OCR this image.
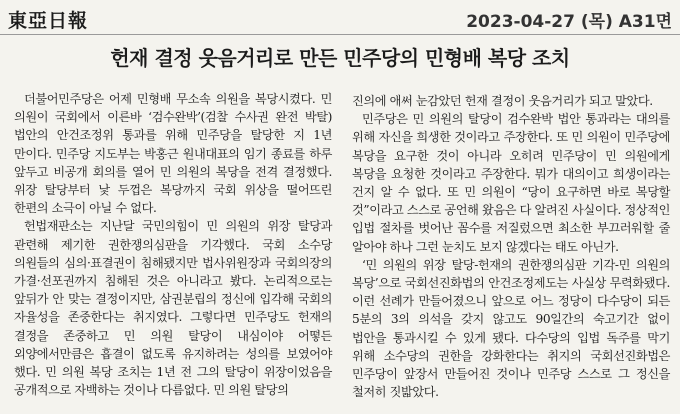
東亞日報	2023-04-27 (목) A31면
헌재 결정 웃음거리로 만든 민주당의 민형배 복당 조치

더불어민주당은 어제 민형배 무소속 의원을 복당시켰다. 민 의원이 국회에서 이른바 ‘검수완박’(검찰 수사권 완전 박탈) 법안의 안건조정위 통과를 위해 민주당을 탈당한 지 1년 만이다. 민주당 지도부는 박홍근 원내대표의 임기 종료를 하루 앞두고 비공개 회의를 열어 민 의원의 복당을 전격 결정했다. 위장 탈당부터 낯 두껍은 복당까지 국회 위상을 떨어뜨린 한편의 소극이 아닐 수 없다.

헌법재판소는 지난달 국민의힘이 민 의원의 위장 탈당과 관련해 제기한 권한쟁의심판을 기각했다. 국회 소수당 의원들의 심의·표결권이 침해됐지만 법사위원장과 국회의장의 가결·선포권까지 침해된 것은 아니라고 봤다. 논리적으로는 앞뒤가 안 맞는 결정이지만, 삼권분립의 정신에 입각해 국회의 자율성을 존중한다는 취지였다. 그렇다면 민주당도 헌재의 결정을 존중하고 민 의원 탈당이 내심이야 어떻든 외양에서만큼은 흡결이 없도록 유지하려는 성의를 보였어야 했다. 민 의원 복당 조치는 1년 전 그의 탈당이 위장이었음을 공개적으로 자백하는 것이나 다름없다. 민 의원 탈당의

진의에 애써 눈감았던 헌재 결정이 웃음거리가 되고 말았다.

민주당은 민 의원의 탈당이 검수완박 법안 통과라는 대의를 위해 자신을 희생한 것이라고 주장한다. 또 민 의원이 민주당에 복당을 요구한 것이 아니라 오히려 민주당이 민 의원에게 복당을 요청한 것이라고 주장한다. 뭐가 대의이고 희생이라는 건지 알 수 없다. 또 민 의원이 “당이 요구하면 바로 복당할 것”이라고 스스로 공언해 왔음은 다 알려진 사실이다. 정상적인 입법 절차를 벗어난 꼼수를 저질렀으면 최소한 부끄러워할 줄 알아야 하나 그런 눈치도 보지 않겠다는 태도 아닌가.

‘민 의원의 위장 탈당-헌재의 권한쟁의심판 기각-민 의원의 복당’으로 국회선진화법의 안건조정제도는 사실상 무력화됐다. 이런 선례가 만들어졌으니 앞으로 어느 정당이 다수당이 되든 5분의 3의 의석을 갖지 않고도 90일간의 숙고기간 없이 법안을 통과시킬 수 있게 됐다. 다수당의 입법 독주를 막기 위해 소수당의 권한을 강화한다는 취지의 국회선진화법은 민주당이 앞장서 만들어진 것이나 민주당 스스로 그 정신을 철저히 짓밟았다.
